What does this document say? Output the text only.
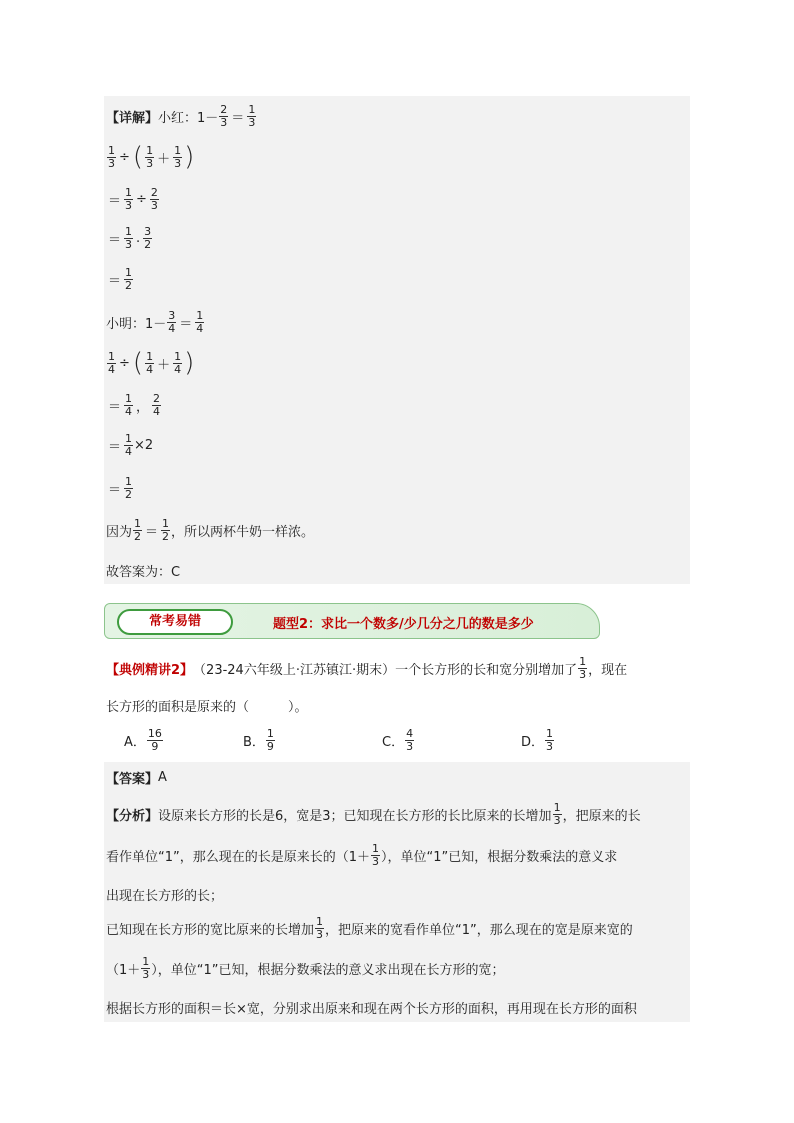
【详解】 小红：$1- \frac{2}{3} = \frac{1}{3}$
$\frac{1}{3}$ ÷ ( $\frac{1}{3} + \frac{1}{3}$ )
＝ $\frac{1}{3} \div \frac{2}{3}$
＝ $\frac{1}{3}$ . $\frac{3}{2}$
＝ $\frac{1}{2}$
小明：$1- \frac{3}{4} = \frac{1}{4}$
$\frac{1}{4}$ ÷ ( $\frac{1}{4} + \frac{1}{4}$ )
＝ $\frac{1}{4}$ ， $\frac{2}{4}$
＝ $\frac{1}{4} \times 2$
＝ $\frac{1}{2}$
因为 $\frac{1}{2} = \frac{1}{2}$ ，所以两杯牛奶一样浓。
故答案为：C
常考易错	题型2：求比一个数多/少几分之几的数是多少
【典例精讲2】 （23-24六年级上·江苏镇江·期末）一个长方形的长和宽分别增加了 $\frac{1}{3}$ ，现在
长方形的面积是原来的（　　　）。
A． $\frac{16}{9}$	B． $\frac{1}{9}$	C． $\frac{4}{3}$	D． $\frac{1}{3}$
【答案】 A
【分析】 设原来长方形的长是6，宽是3；已知现在长方形的长比原来的长增加 $\frac{1}{3}$ ，把原来的长
看作单位“1”，那么现在的长是原来长的（$1+ \frac{1}{3}$ ），单位“1”已知，根据分数乘法的意义求
出现在长方形的长；
已知现在长方形的宽比原来的长增加 $\frac{1}{3}$ ，把原来的宽看作单位“1”，那么现在的宽是原来宽的
（$1+ \frac{1}{3}$ ），单位“1”已知，根据分数乘法的意义求出现在长方形的宽；
根据长方形的面积＝长×宽，分别求出原来和现在两个长方形的面积，再用现在长方形的面积
